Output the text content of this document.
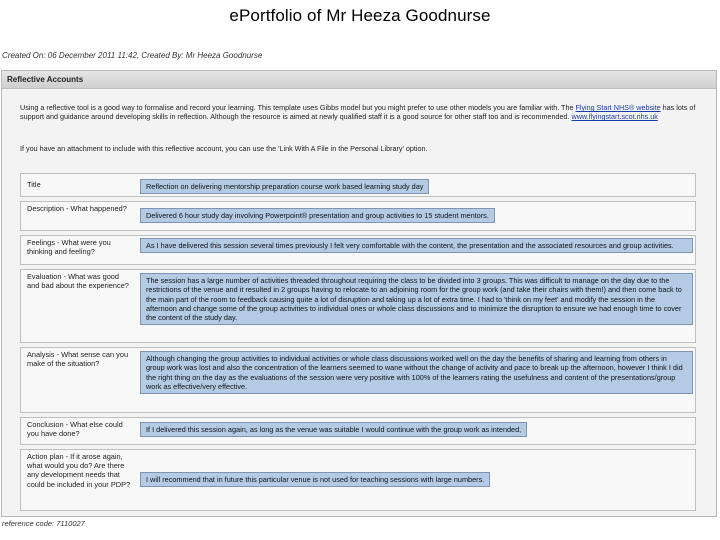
ePortfolio of Mr Heeza Goodnurse
Created On: 06 December 2011 11:42, Created By: Mr Heeza Goodnurse
Reflective Accounts
Using a reflective tool is a good way to formalise and record your learning. This template uses Gibbs model but you might prefer to use other models you are familiar with. The Flying Start NHS® website has lots of support and guidance around developing skills in reflection. Although the resource is aimed at newly qualified staff it is a good source for other staff too and is recommended. www.flyingstart.scot.nhs.uk
If you have an attachment to include with this reflective account, you can use the 'Link With A File in the Personal Library' option.
Title	Reflection on delivering mentorship preparation course work based learning study day
Description - What happened?
Delivered 6 hour study day involving Powerpoint® presentation and group activities to 15 student mentors.
Feelings - What were you thinking and feeling?
As I have delivered this session several times previously I felt very comfortable with the content, the presentation and the associated resources and group activities.
Evaluation - What was good and bad about the experience?
The session has a large number of activities threaded throughout requiring the class to be divided into 3 groups. This was difficult to manage on the day due to the restrictions of the venue and it resulted in 2 groups having to relocate to an adjoining room for the group work (and take their chairs with them!) and then come back to the main part of the room to feedback causing quite a lot of disruption and taking up a lot of extra time. I had to 'think on my feet' and modify the session in the afternoon and change some of the group activities to individual ones or whole class discussions and to minimize the disruption to ensure we had enough time to cover the content of the study day.
Analysis - What sense can you make of the situation?
Although changing the group activities to individual activities or whole class discussions worked well on the day the benefits of sharing and learning from others in group work was lost and also the concentration of the learners seemed to wane without the change of activity and pace to break up the afternoon, however I think I did the right thing on the day as the evaluations of the session were very positive with 100% of the learners rating the usefulness and content of the presentations/group work as effective/very effective.
Conclusion - What else could you have done?	If I delivered this session again, as long as the venue was suitable I would continue with the group work as intended,
Action plan - If it arose again, what would you do? Are there any development needs that could be included in your PDP?
I will recommend that in future this particular venue is not used for teaching sessions with large numbers.
reference code: 7110027
